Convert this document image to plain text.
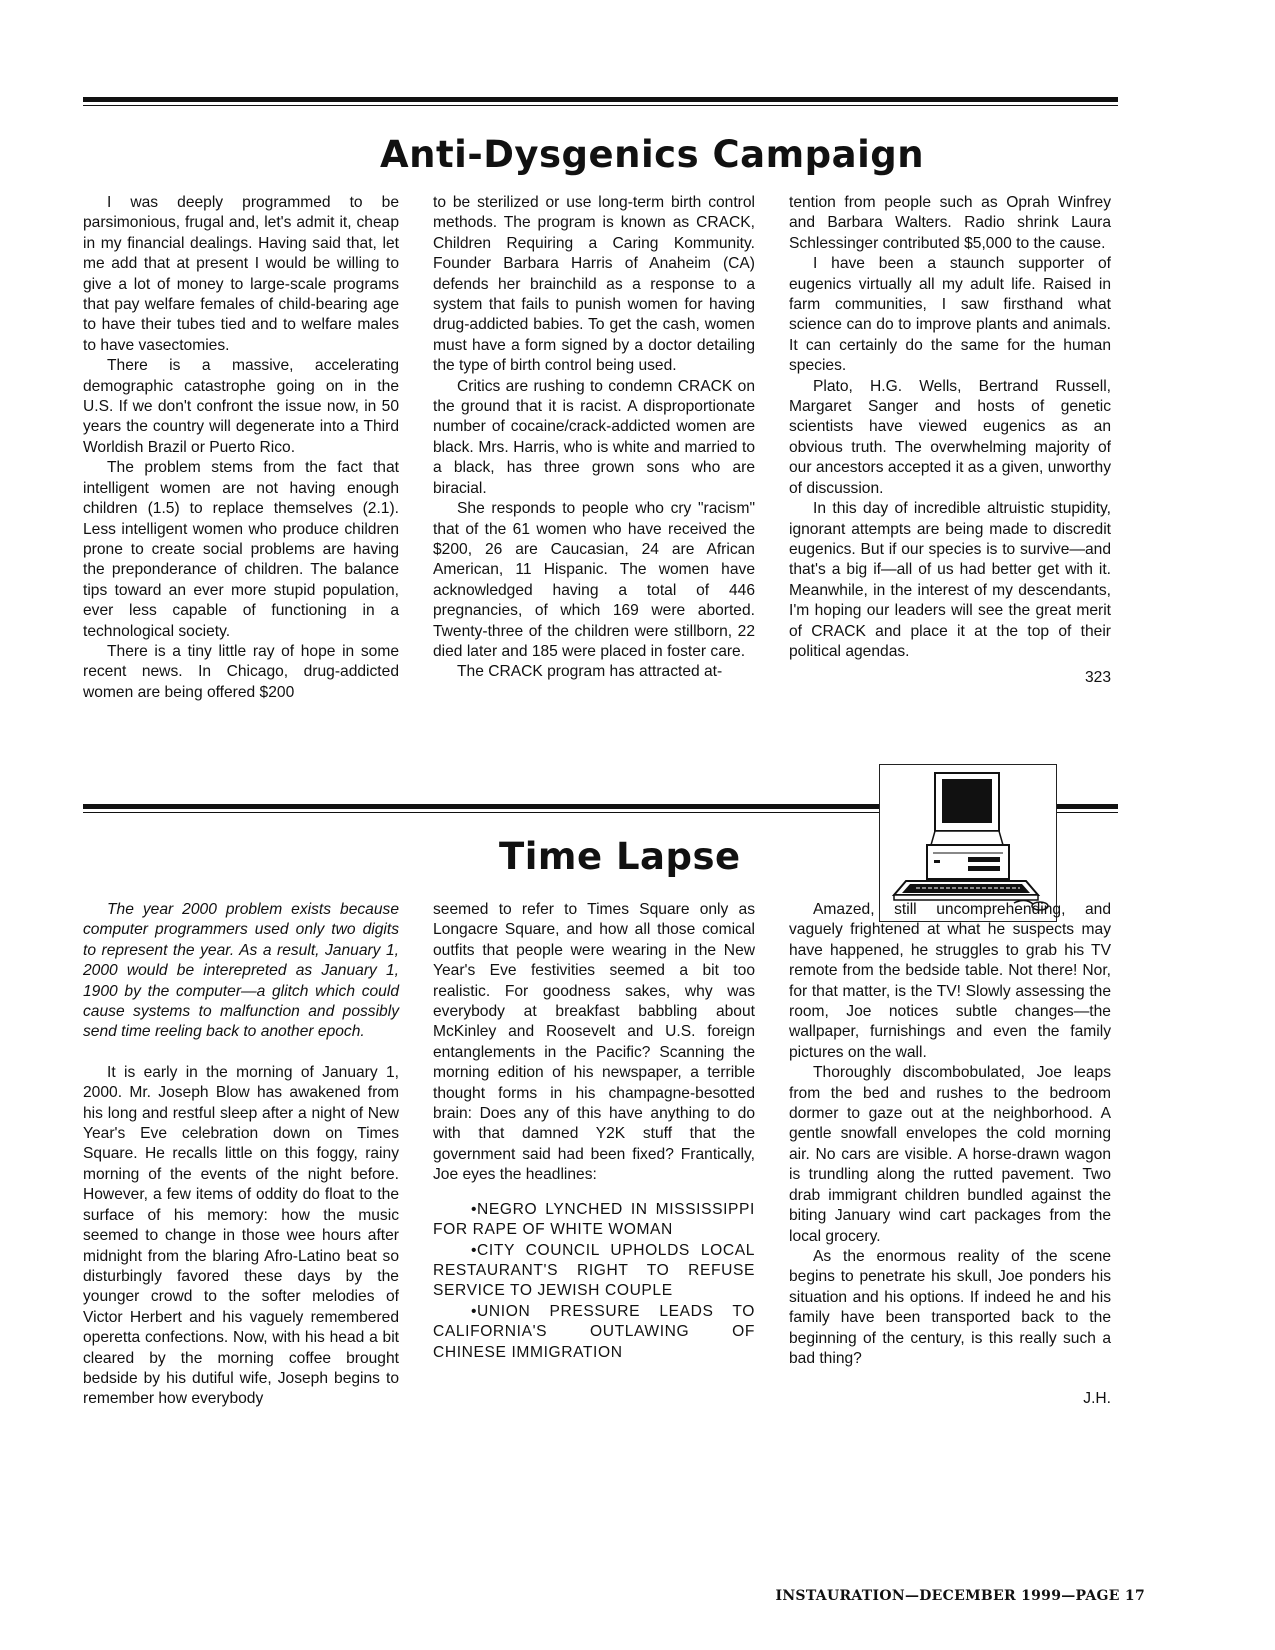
Anti-Dysgenics Campaign

I was deeply programmed to be parsimonious, frugal and, let's admit it, cheap in my financial dealings. Having said that, let me add that at present I would be willing to give a lot of money to large-scale programs that pay welfare females of child-bearing age to have their tubes tied and to welfare males to have vasectomies.

There is a massive, accelerating demographic catastrophe going on in the U.S. If we don't confront the issue now, in 50 years the country will degenerate into a Third Worldish Brazil or Puerto Rico.

The problem stems from the fact that intelligent women are not having enough children (1.5) to replace themselves (2.1). Less intelligent women who produce children prone to create social problems are having the preponderance of children. The balance tips toward an ever more stupid population, ever less capable of functioning in a technological society.

There is a tiny little ray of hope in some recent news. In Chicago, drug-addicted women are being offered $200

to be sterilized or use long-term birth control methods. The program is known as CRACK, Children Requiring a Caring Kommunity. Founder Barbara Harris of Anaheim (CA) defends her brainchild as a response to a system that fails to punish women for having drug-addicted babies. To get the cash, women must have a form signed by a doctor detailing the type of birth control being used.

Critics are rushing to condemn CRACK on the ground that it is racist. A disproportionate number of cocaine/crack-addicted women are black. Mrs. Harris, who is white and married to a black, has three grown sons who are biracial.

She responds to people who cry "racism" that of the 61 women who have received the $200, 26 are Caucasian, 24 are African American, 11 Hispanic. The women have acknowledged having a total of 446 pregnancies, of which 169 were aborted. Twenty-three of the children were stillborn, 22 died later and 185 were placed in foster care.

The CRACK program has attracted at-

tention from people such as Oprah Winfrey and Barbara Walters. Radio shrink Laura Schlessinger contributed $5,000 to the cause.

I have been a staunch supporter of eugenics virtually all my adult life. Raised in farm communities, I saw firsthand what science can do to improve plants and animals. It can certainly do the same for the human species.

Plato, H.G. Wells, Bertrand Russell, Margaret Sanger and hosts of genetic scientists have viewed eugenics as an obvious truth. The overwhelming majority of our ancestors accepted it as a given, unworthy of discussion.

In this day of incredible altruistic stupidity, ignorant attempts are being made to discredit eugenics. But if our species is to survive—and that's a big if—all of us had better get with it. Meanwhile, in the interest of my descendants, I'm hoping our leaders will see the great merit of CRACK and place it at the top of their political agendas.

323
Time Lapse

The year 2000 problem exists because computer programmers used only two digits to represent the year. As a result, January 1, 2000 would be interepreted as January 1, 1900 by the computer—a glitch which could cause systems to malfunction and possibly send time reeling back to another epoch.

It is early in the morning of January 1, 2000. Mr. Joseph Blow has awakened from his long and restful sleep after a night of New Year's Eve celebration down on Times Square. He recalls little on this foggy, rainy morning of the events of the night before. However, a few items of oddity do float to the surface of his memory: how the music seemed to change in those wee hours after midnight from the blaring Afro-Latino beat so disturbingly favored these days by the younger crowd to the softer melodies of Victor Herbert and his vaguely remembered operetta confections. Now, with his head a bit cleared by the morning coffee brought bedside by his dutiful wife, Joseph begins to remember how everybody

seemed to refer to Times Square only as Longacre Square, and how all those comical outfits that people were wearing in the New Year's Eve festivities seemed a bit too realistic. For goodness sakes, why was everybody at breakfast babbling about McKinley and Roosevelt and U.S. foreign entanglements in the Pacific? Scanning the morning edition of his newspaper, a terrible thought forms in his champagne-besotted brain: Does any of this have anything to do with that damned Y2K stuff that the government said had been fixed? Frantically, Joe eyes the headlines:

•NEGRO LYNCHED IN MISSISSIPPI FOR RAPE OF WHITE WOMAN

•CITY COUNCIL UPHOLDS LOCAL RESTAURANT'S RIGHT TO REFUSE SERVICE TO JEWISH COUPLE

•UNION PRESSURE LEADS TO CALIFORNIA'S OUTLAWING OF CHINESE IMMIGRATION

Amazed, still uncomprehending, and vaguely frightened at what he suspects may have happened, he struggles to grab his TV remote from the bedside table. Not there! Nor, for that matter, is the TV! Slowly assessing the room, Joe notices subtle changes—the wallpaper, furnishings and even the family pictures on the wall.

Thoroughly discombobulated, Joe leaps from the bed and rushes to the bedroom dormer to gaze out at the neighborhood. A gentle snowfall envelopes the cold morning air. No cars are visible. A horse-drawn wagon is trundling along the rutted pavement. Two drab immigrant children bundled against the biting January wind cart packages from the local grocery.

As the enormous reality of the scene begins to penetrate his skull, Joe ponders his situation and his options. If indeed he and his family have been transported back to the beginning of the century, is this really such a bad thing?

J.H.
INSTAURATION—DECEMBER 1999—PAGE 17
